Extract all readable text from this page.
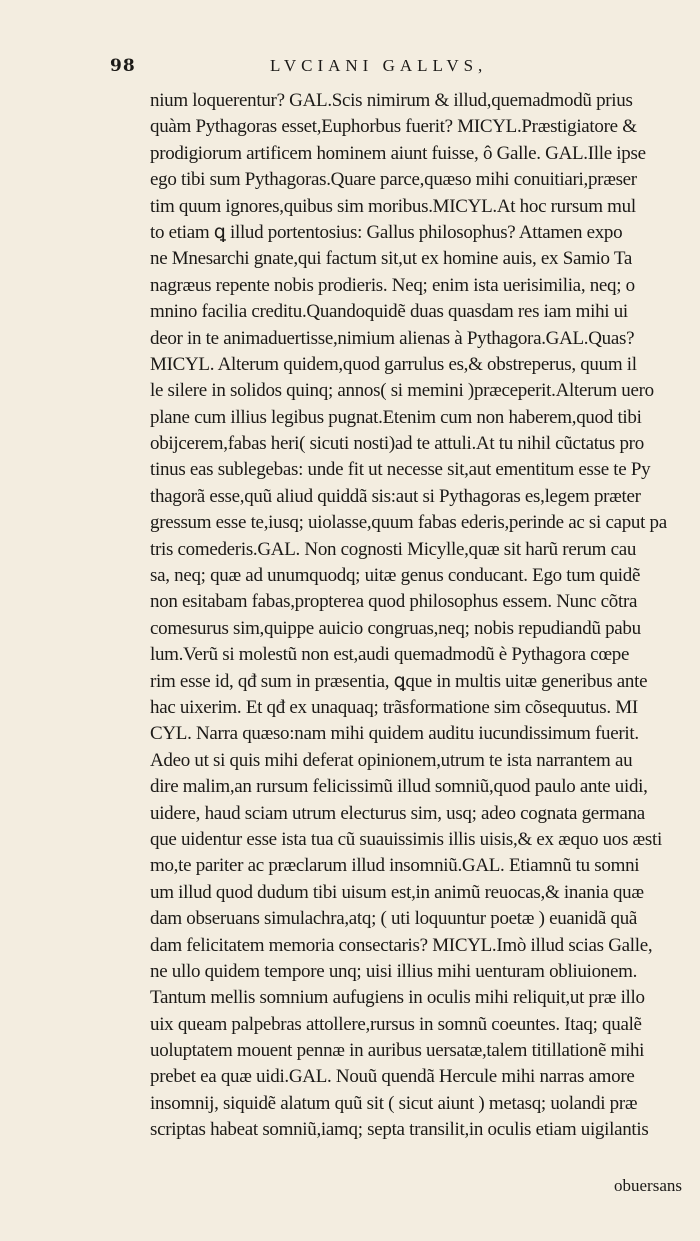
98	LVCIANI GALLVS,
nium loquerentur? GAL.Scis nimirum & illud,quemadmodũ prius
quàm Pythagoras esset,Euphorbus fuerit? MICYL.Præstigiatore &
prodigiorum artificem hominem aiunt fuisse, ô Galle. GAL.Ille ipse
ego tibi sum Pythagoras.Quare parce,quæso mihi conuitiari,præser
tim quum ignores,quibus sim moribus.MICYL.At hoc rursum mul
to etiam ꝗ illud portentosius: Gallus philosophus? Attamen expo
ne Mnesarchi gnate,qui factum sit,ut ex homine auis, ex Samio Ta
nagræus repente nobis prodieris. Neq; enim ista uerisimilia, neq; o
mnino facilia creditu.Quandoquidẽ duas quasdam res iam mihi ui
deor in te animaduertisse,nimium alienas à Pythagora.GAL.Quas?
MICYL. Alterum quidem,quod garrulus es,& obstreperus, quum il
le silere in solidos quinq; annos( si memini )præceperit.Alterum uero
plane cum illius legibus pugnat.Etenim cum non haberem,quod tibi
obijcerem,fabas heri( sicuti nosti)ad te attuli.At tu nihil cũctatus pro
tinus eas sublegebas: unde fit ut necesse sit,aut ementitum esse te Py
thagorã esse,quũ aliud quiddã sis:aut si Pythagoras es,legem præter
gressum esse te,iusq; uiolasse,quum fabas ederis,perinde ac si caput pa
tris comederis.GAL. Non cognosti Micylle,quæ sit harũ rerum cau
sa, neq; quæ ad unumquodq; uitæ genus conducant. Ego tum quidẽ
non esitabam fabas,propterea quod philosophus essem. Nunc cõtra
comesurus sim,quippe auicio congruas,neq; nobis repudiandũ pabu
lum.Verũ si molestũ non est,audi quemadmodũ è Pythagora cœpe
rim esse id, qđ sum in præsentia, ꝗque in multis uitæ generibus ante
hac uixerim. Et qđ ex unaquaq; trãsformatione sim cõsequutus. MI
CYL. Narra quæso:nam mihi quidem auditu iucundissimum fuerit.
Adeo ut si quis mihi deferat opinionem,utrum te ista narrantem au
dire malim,an rursum felicissimũ illud somniũ,quod paulo ante uidi,
uidere, haud sciam utrum electurus sim, usq; adeo cognata germana
que uidentur esse ista tua cũ suauissimis illis uisis,& ex æquo uos æsti
mo,te pariter ac præclarum illud insomniũ.GAL. Etiamnũ tu somni
um illud quod dudum tibi uisum est,in animũ reuocas,& inania quæ
dam obseruans simulachra,atq; ( uti loquuntur poetæ ) euanidã quã
dam felicitatem memoria consectaris? MICYL.Imò illud scias Galle,
ne ullo quidem tempore unq; uisi illius mihi uenturam obliuionem.
Tantum mellis somnium aufugiens in oculis mihi reliquit,ut præ illo
uix queam palpebras attollere,rursus in somnũ coeuntes. Itaq; qualẽ
uoluptatem mouent pennæ in auribus uersatæ,talem titillationẽ mihi
prebet ea quæ uidi.GAL. Nouũ quendã Hercule mihi narras amore
insomnij, siquidẽ alatum quũ sit ( sicut aiunt ) metasq; uolandi præ
scriptas habeat somniũ,iamq; septa transilit,in oculis etiam uigilantis
obuersans
